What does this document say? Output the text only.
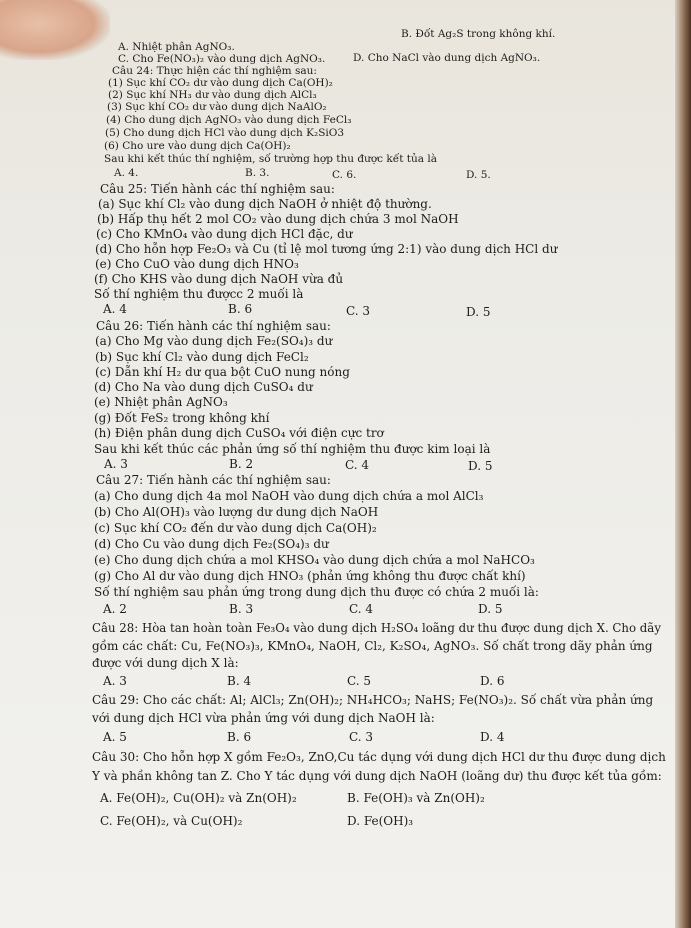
B. Đốt Ag₂S trong không khí.
A. Nhiệt phân AgNO₃.
C. Cho Fe(NO₃)₂ vào dung dịch AgNO₃.	D. Cho NaCl vào dung dịch AgNO₃.
Câu 24: Thực hiện các thí nghiệm sau:
(1) Sục khí CO₂ dư vào dung dịch Ca(OH)₂
(2) Sục khí NH₃ dư vào dung dịch AlCl₃
(3) Sục khí CO₂ dư vào dung dịch NaAlO₂
(4) Cho dung dịch AgNO₃ vào dung dịch FeCl₃
(5) Cho dung dịch HCl vào dung dịch K₂SiO3
(6) Cho ure vào dung dịch Ca(OH)₂
Sau khi kết thúc thí nghiệm, số trường hợp thu được kết tủa là
A. 4.	B. 3.	C. 6.	D. 5.
Câu 25: Tiến hành các thí nghiệm sau:
(a) Sục khí Cl₂ vào dung dịch NaOH ở nhiệt độ thường.
(b) Hấp thụ hết 2 mol CO₂ vào dung dịch chứa 3 mol NaOH
(c) Cho KMnO₄ vào dung dịch HCl đặc, dư
(d) Cho hỗn hợp Fe₂O₃ và Cu (tỉ lệ mol tương ứng 2:1) vào dung dịch HCl dư
(e) Cho CuO vào dung dịch HNO₃
(f) Cho KHS vào dung dịch NaOH vừa đủ
Số thí nghiệm thu đượcc 2 muối là
A. 4	B. 6	C. 3	D. 5
Câu 26: Tiến hành các thí nghiệm sau:
(a) Cho Mg vào dung dịch Fe₂(SO₄)₃ dư
(b) Sục khí Cl₂ vào dung dịch FeCl₂
(c) Dẫn khí H₂ dư qua bột CuO nung nóng
(d) Cho Na vào dung dịch CuSO₄ dư
(e) Nhiệt phân AgNO₃
(g) Đốt FeS₂ trong không khí
(h) Điện phân dung dịch CuSO₄ với điện cực trơ
Sau khi kết thúc các phản ứng số thí nghiệm thu được kim loại là
A. 3	B. 2	C. 4	D. 5
Câu 27: Tiến hành các thí nghiệm sau:
(a) Cho dung dịch 4a mol NaOH vào dung dịch chứa a mol AlCl₃
(b) Cho Al(OH)₃ vào lượng dư dung dịch NaOH
(c) Sục khí CO₂ đến dư vào dung dịch Ca(OH)₂
(d) Cho Cu vào dung dịch Fe₂(SO₄)₃ dư
(e) Cho dung dịch chứa a mol KHSO₄ vào dung dịch chứa a mol NaHCO₃
(g) Cho Al dư vào dung dịch HNO₃ (phản ứng không thu được chất khí)
Số thí nghiệm sau phản ứng trong dung dịch thu được có chứa 2 muối là:
A. 2	B. 3	C. 4	D. 5
Câu 28: Hòa tan hoàn toàn Fe₃O₄ vào dung dịch H₂SO₄ loãng dư thu được dung dịch X. Cho dãy
gồm các chất: Cu, Fe(NO₃)₃, KMnO₄, NaOH, Cl₂, K₂SO₄, AgNO₃. Số chất trong dãy phản ứng
được với dung dịch X là:
A. 3	B. 4	C. 5	D. 6
Câu 29: Cho các chất: Al; AlCl₃; Zn(OH)₂; NH₄HCO₃; NaHS; Fe(NO₃)₂. Số chất vừa phản ứng
với dung dịch HCl vừa phản ứng với dung dịch NaOH là:
A. 5	B. 6	C. 3	D. 4
Câu 30: Cho hỗn hợp X gồm Fe₂O₃, ZnO,Cu tác dụng với dung dịch HCl dư thu được dung dịch
Y và phần không tan Z. Cho Y tác dụng với dung dịch NaOH (loãng dư) thu được kết tủa gồm:
A. Fe(OH)₂, Cu(OH)₂ và Zn(OH)₂	B. Fe(OH)₃ và Zn(OH)₂
C. Fe(OH)₂, và Cu(OH)₂	D. Fe(OH)₃
